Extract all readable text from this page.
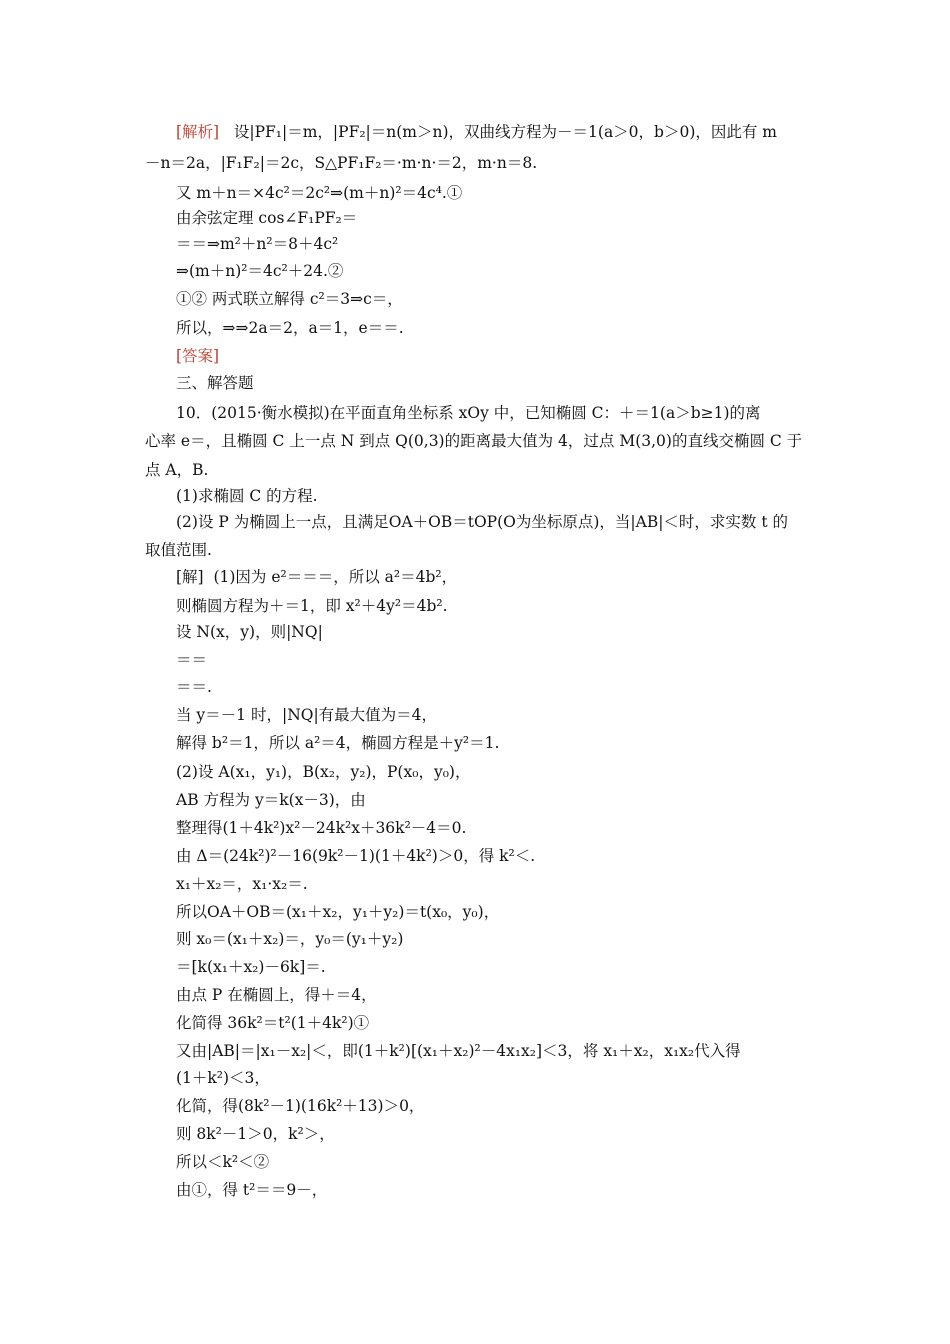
[解析]   设|PF₁|＝m，|PF₂|＝n(m＞n)，双曲线方程为－＝1(a＞0，b＞0)，因此有 m
－n＝2a，|F₁F₂|＝2c，S△PF₁F₂＝·m·n·＝2，m·n＝8.
又 m＋n＝×4c²＝2c²⇒(m＋n)²＝4c⁴.①
由余弦定理 cos∠F₁PF₂＝
＝＝⇒m²＋n²＝8＋4c²
⇒(m＋n)²＝4c²＋24.②
①② 两式联立解得 c²＝3⇒c＝，
所以，⇒⇒2a＝2，a＝1，e＝＝.
[答案]
三、解答题
10．(2015·衡水模拟)在平面直角坐标系 xOy 中，已知椭圆 C：＋＝1(a＞b≥1)的离
心率 e＝，且椭圆 C 上一点 N 到点 Q(0,3)的距离最大值为 4，过点 M(3,0)的直线交椭圆 C 于
点 A，B.
(1)求椭圆 C 的方程.
(2)设 P 为椭圆上一点，且满足OA＋OB＝tOP(O为坐标原点)，当|AB|＜时，求实数 t 的
取值范围.
[解]  (1)因为 e²＝＝＝，所以 a²＝4b²，
则椭圆方程为＋＝1，即 x²＋4y²＝4b².
设 N(x，y)，则|NQ|
＝＝
＝＝.
当 y＝－1 时，|NQ|有最大值为＝4，
解得 b²＝1，所以 a²＝4，椭圆方程是＋y²＝1.
(2)设 A(x₁，y₁)，B(x₂，y₂)，P(x₀，y₀)，
AB 方程为 y＝k(x－3)，由
整理得(1＋4k²)x²－24k²x＋36k²－4＝0.
由 Δ＝(24k²)²－16(9k²－1)(1＋4k²)＞0，得 k²＜.
x₁＋x₂＝，x₁·x₂＝.
所以OA＋OB＝(x₁＋x₂，y₁＋y₂)＝t(x₀，y₀)，
则 x₀＝(x₁＋x₂)＝，y₀＝(y₁＋y₂)
＝[k(x₁＋x₂)－6k]＝.
由点 P 在椭圆上，得＋＝4，
化简得 36k²＝t²(1＋4k²)①
又由|AB|＝|x₁－x₂|＜，即(1＋k²)[(x₁＋x₂)²－4x₁x₂]＜3，将 x₁＋x₂，x₁x₂代入得
(1＋k²)＜3，
化简，得(8k²－1)(16k²＋13)＞0，
则 8k²－1＞0，k²＞，
所以＜k²＜②
由①，得 t²＝＝9－，
